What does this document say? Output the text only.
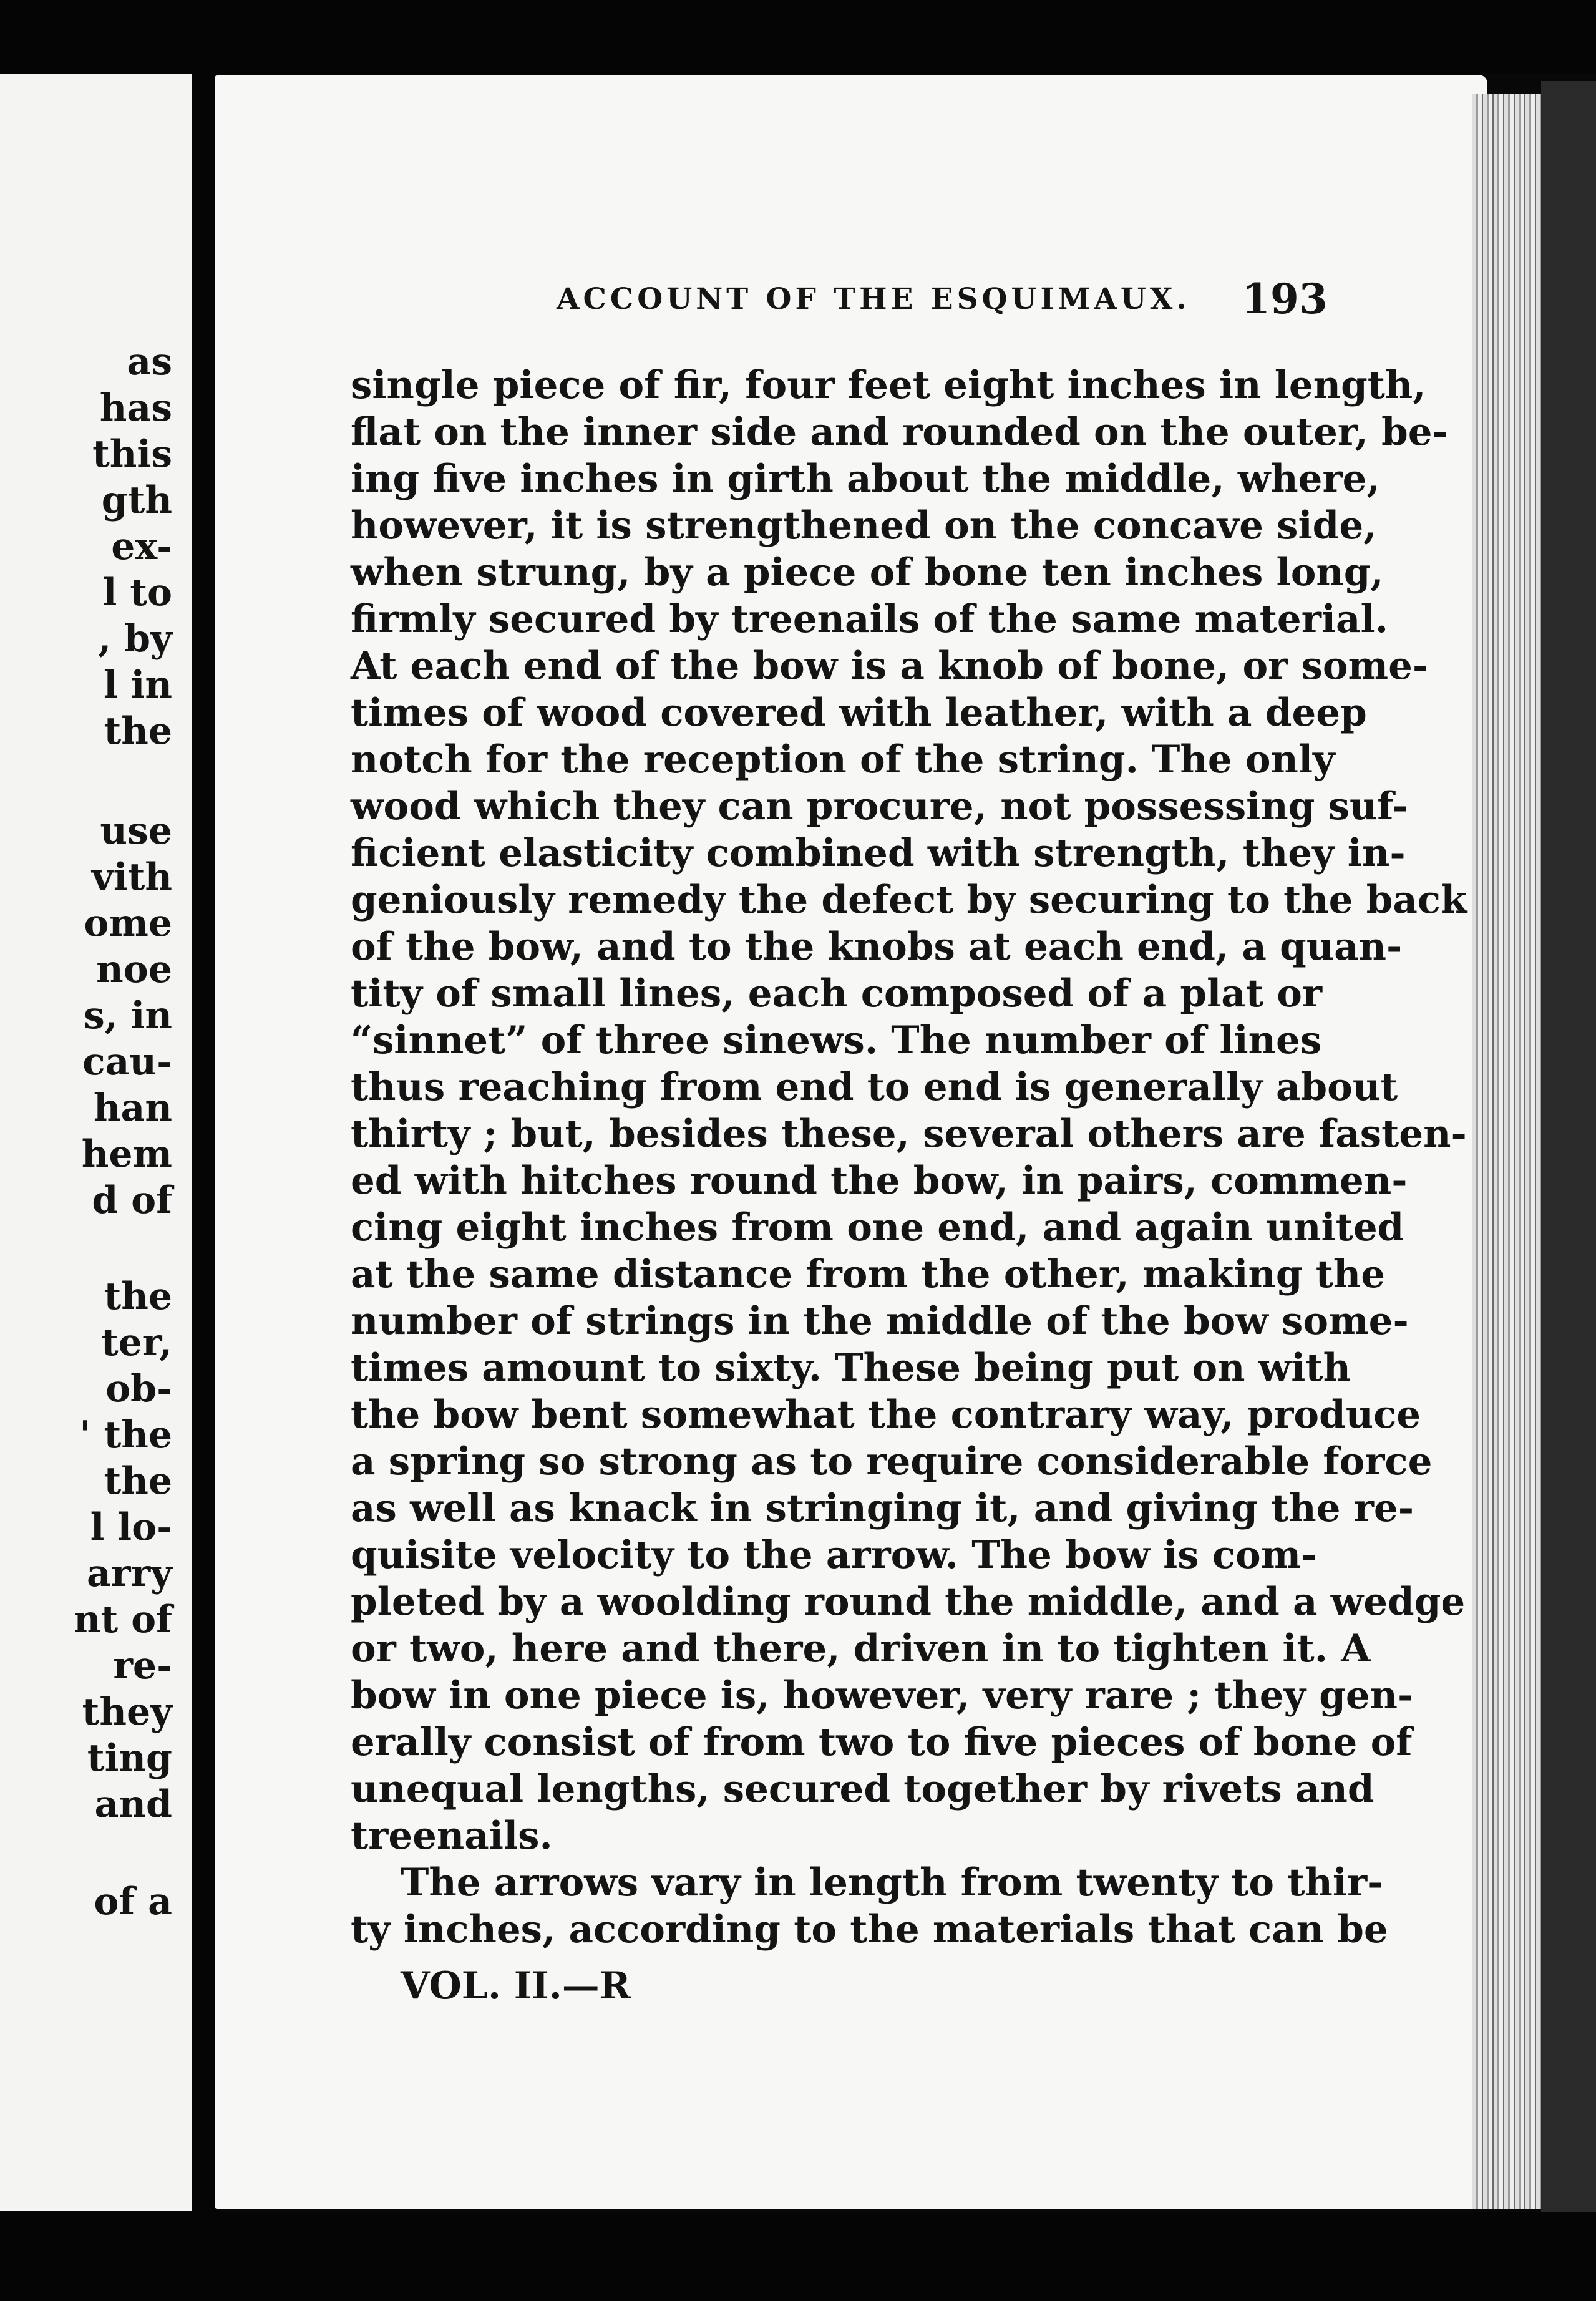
as
has
this
gth
ex-
l to
, by
l in
the
use
vith
ome
noe
s, in
cau-
han
hem
d of
the
ter,
ob-
' the
the
l lo-
arry
nt of
re-
they
ting
and
of a
ACCOUNT OF THE ESQUIMAUX. 193
single piece of fir, four feet eight inches in length,
flat on the inner side and rounded on the outer, be-
ing five inches in girth about the middle, where,
however, it is strengthened on the concave side,
when strung, by a piece of bone ten inches long,
firmly secured by treenails of the same material.
At each end of the bow is a knob of bone, or some-
times of wood covered with leather, with a deep
notch for the reception of the string. The only
wood which they can procure, not possessing suf-
ficient elasticity combined with strength, they in-
geniously remedy the defect by securing to the back
of the bow, and to the knobs at each end, a quan-
tity of small lines, each composed of a plat or
“sinnet” of three sinews. The number of lines
thus reaching from end to end is generally about
thirty ; but, besides these, several others are fasten-
ed with hitches round the bow, in pairs, commen-
cing eight inches from one end, and again united
at the same distance from the other, making the
number of strings in the middle of the bow some-
times amount to sixty. These being put on with
the bow bent somewhat the contrary way, produce
a spring so strong as to require considerable force
as well as knack in stringing it, and giving the re-
quisite velocity to the arrow. The bow is com-
pleted by a woolding round the middle, and a wedge
or two, here and there, driven in to tighten it. A
bow in one piece is, however, very rare ; they gen-
erally consist of from two to five pieces of bone of
unequal lengths, secured together by rivets and
treenails.
The arrows vary in length from twenty to thir-
ty inches, according to the materials that can be
VOL. II.—R
